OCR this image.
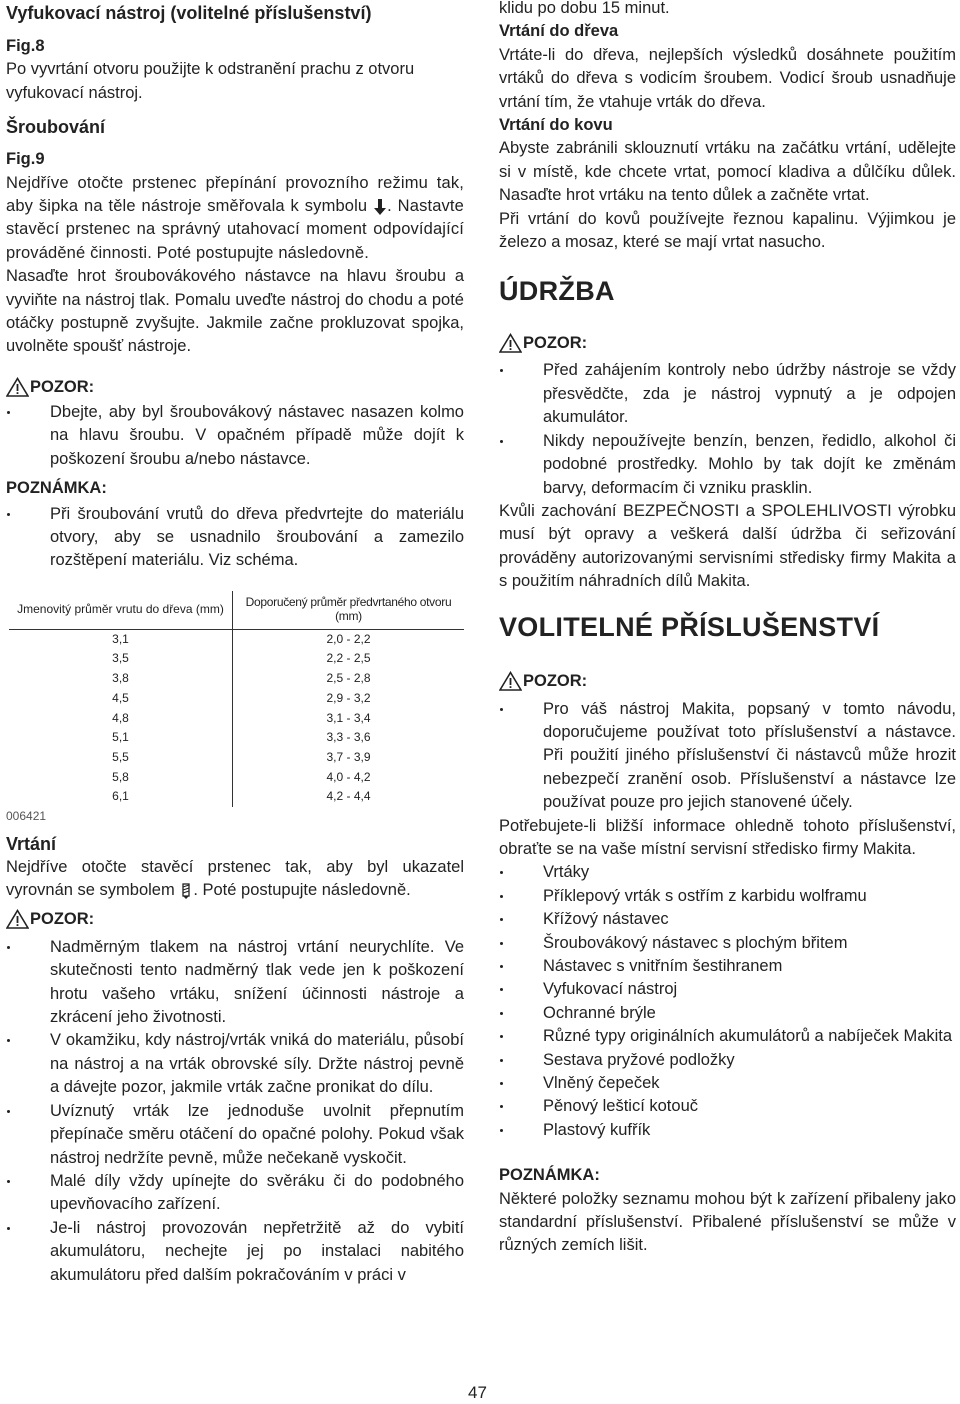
Vyfukovací nástroj (volitelné příslušenství)

Fig.8

Po vyvrtání otvoru použijte k odstranění prachu z otvoru vyfukovací nástroj.

Šroubování

Fig.9

Nejdříve otočte prstenec přepínání provozního režimu tak, aby šipka na těle nástroje směřovala k symbolu . Nastavte stavěcí prstenec na správný utahovací moment odpovídající prováděné činnosti. Poté postupujte následovně.

Nasaďte hrot šroubovákového nástavce na hlavu šroubu a vyviňte na nástroj tlak. Pomalu uveďte nástroj do chodu a poté otáčky postupně zvyšujte. Jakmile začne prokluzovat spojka, uvolněte spoušť nástroje.

POZOR:
Dbejte, aby byl šroubovákový nástavec nasazen kolmo na hlavu šroubu. V opačném případě může dojít k poškození šroubu a/nebo nástavce.

POZNÁMKA:

Při šroubování vrutů do dřeva předvrtejte do materiálu otvory, aby se usnadnilo šroubování a zamezilo rozštěpení materiálu. Viz schéma.
Jmenovitý průměr vrutu do dřeva (mm)	Doporučený průměr předvrtaného otvoru (mm)
3,1	2,0 - 2,2
3,5	2,2 - 2,5
3,8	2,5 - 2,8
4,5	2,9 - 3,2
4,8	3,1 - 3,4
5,1	3,3 - 3,6
5,5	3,7 - 3,9
5,8	4,0 - 4,2
6,1	4,2 - 4,4

006421

Vrtání

Nejdříve otočte stavěcí prstenec tak, aby byl ukazatel vyrovnán se symbolem . Poté postupujte následovně.

POZOR:
Nadměrným tlakem na nástroj vrtání neurychlíte. Ve skutečnosti tento nadměrný tlak vede jen k poškození hrotu vašeho vrtáku, snížení účinnosti nástroje a zkrácení jeho životnosti.
V okamžiku, kdy nástroj/vrták vniká do materiálu, působí na nástroj a na vrták obrovské síly. Držte nástroj pevně a dávejte pozor, jakmile vrták začne pronikat do dílu.
Uvíznutý vrták lze jednoduše uvolnit přepnutím přepínače směru otáčení do opačné polohy. Pokud však nástroj nedržíte pevně, může nečekaně vyskočit.
Malé díly vždy upínejte do svěráku či do podobného upevňovacího zařízení.
Je-li nástroj provozován nepřetržitě až do vybití akumulátoru, nechejte jej po instalaci nabitého akumulátoru před dalším pokračováním v práci v

klidu po dobu 15 minut.

Vrtání do dřeva

Vrtáte-li do dřeva, nejlepších výsledků dosáhnete použitím vrtáků do dřeva s vodicím šroubem. Vodicí šroub usnadňuje vrtání tím, že vtahuje vrták do dřeva.

Vrtání do kovu

Abyste zabránili sklouznutí vrtáku na začátku vrtání, udělejte si v místě, kde chcete vrtat, pomocí kladiva a důlčíku důlek. Nasaďte hrot vrtáku na tento důlek a začněte vrtat.

Při vrtání do kovů používejte řeznou kapalinu. Výjimkou je železo a mosaz, které se mají vrtat nasucho.

ÚDRŽBA
POZOR:
Před zahájením kontroly nebo údržby nástroje se vždy přesvědčte, zda je nástroj vypnutý a je odpojen akumulátor.
Nikdy nepoužívejte benzín, benzen, ředidlo, alkohol či podobné prostředky. Mohlo by tak dojít ke změnám barvy, deformacím či vzniku prasklin.

Kvůli zachování BEZPEČNOSTI a SPOLEHLIVOSTI výrobku musí být opravy a veškerá další údržba či seřizování prováděny autorizovanými servisními středisky firmy Makita a s použitím náhradních dílů Makita.

VOLITELNÉ PŘÍSLUŠENSTVÍ
POZOR:
Pro váš nástroj Makita, popsaný v tomto návodu, doporučujeme používat toto příslušenství a nástavce. Při použití jiného příslušenství či nástavců může hrozit nebezpečí zranění osob. Příslušenství a nástavce lze používat pouze pro jejich stanovené účely.

Potřebujete-li bližší informace ohledně tohoto příslušenství, obraťte se na vaše místní servisní středisko firmy Makita.

Vrtáky
Příklepový vrták s ostřím z karbidu wolframu
Křížový nástavec
Šroubovákový nástavec s plochým břitem
Nástavec s vnitřním šestihranem
Vyfukovací nástroj
Ochranné brýle
Různé typy originálních akumulátorů a nabíječek Makita
Sestava pryžové podložky
Vlněný čepeček
Pěnový lešticí kotouč
Plastový kufřík

POZNÁMKA:

Některé položky seznamu mohou být k zařízení přibaleny jako standardní příslušenství. Přibalené příslušenství se může v různých zemích lišit.

47
